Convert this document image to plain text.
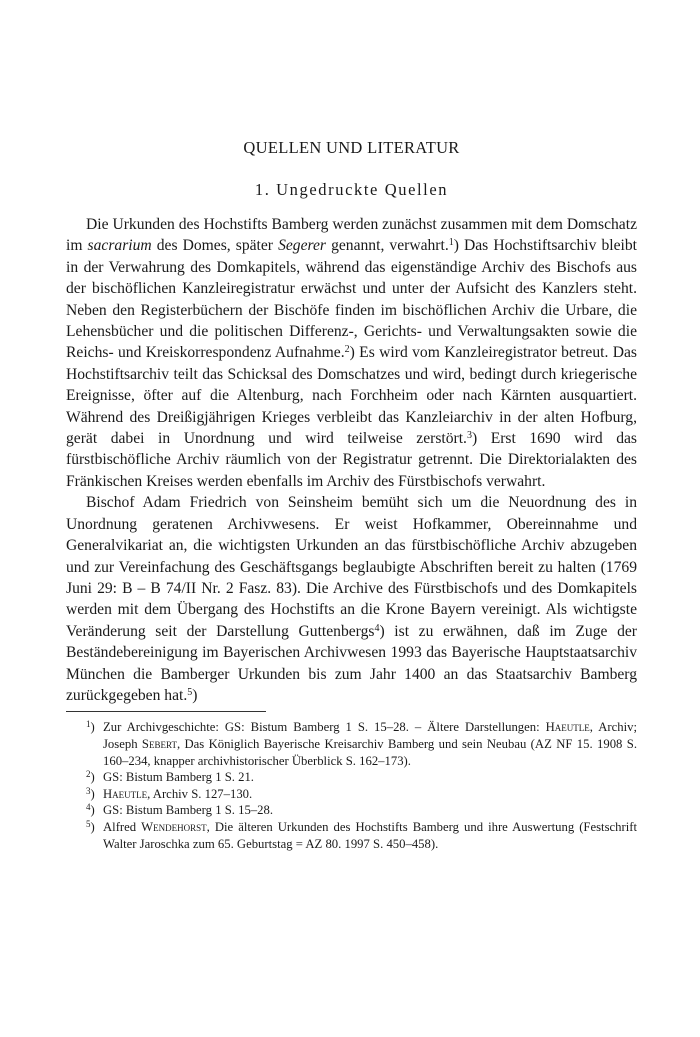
QUELLEN UND LITERATUR
1. Ungedruckte Quellen

Die Urkunden des Hochstifts Bamberg werden zunächst zusammen mit dem Domschatz im sacrarium des Domes, später Segerer genannt, verwahrt.$^1$) Das Hochstiftsarchiv bleibt in der Verwahrung des Domkapitels, während das eigenständige Archiv des Bischofs aus der bischöflichen Kanzleiregistratur erwächst und unter der Aufsicht des Kanzlers steht. Neben den Registerbüchern der Bischöfe finden im bischöflichen Archiv die Urbare, die Lehensbücher und die politischen Differenz-, Gerichts- und Verwaltungsakten sowie die Reichs- und Kreiskorrespondenz Aufnahme.$^2$) Es wird vom Kanzleiregistrator betreut. Das Hochstiftsarchiv teilt das Schicksal des Domschatzes und wird, bedingt durch kriegerische Ereignisse, öfter auf die Altenburg, nach Forchheim oder nach Kärnten ausquartiert. Während des Dreißigjährigen Krieges verbleibt das Kanzleiarchiv in der alten Hofburg, gerät dabei in Unordnung und wird teilweise zerstört.$^3$) Erst 1690 wird das fürstbischöfliche Archiv räumlich von der Registratur getrennt. Die Direktorialakten des Fränkischen Kreises werden ebenfalls im Archiv des Fürstbischofs verwahrt.

Bischof Adam Friedrich von Seinsheim bemüht sich um die Neuordnung des in Unordnung geratenen Archivwesens. Er weist Hofkammer, Obereinnahme und Generalvikariat an, die wichtigsten Urkunden an das fürstbischöfliche Archiv abzugeben und zur Vereinfachung des Geschäftsgangs beglaubigte Abschriften bereit zu halten (1769 Juni 29: B – B 74/II Nr. 2 Fasz. 83). Die Archive des Fürstbischofs und des Domkapitels werden mit dem Übergang des Hochstifts an die Krone Bayern vereinigt. Als wichtigste Veränderung seit der Darstellung Guttenbergs$^4$) ist zu erwähnen, daß im Zuge der Beständebereinigung im Bayerischen Archivwesen 1993 das Bayerische Hauptstaatsarchiv München die Bamberger Urkunden bis zum Jahr 1400 an das Staatsarchiv Bamberg zurückgegeben hat.$^5$)

$^1$) Zur Archivgeschichte: GS: Bistum Bamberg 1 S. 15–28. – Ältere Darstellungen: Haeutle, Archiv; Joseph Sebert, Das Königlich Bayerische Kreisarchiv Bamberg und sein Neubau (AZ NF 15. 1908 S. 160–234, knapper archivhistorischer Überblick S. 162–173).

$^2$) GS: Bistum Bamberg 1 S. 21.

$^3$) Haeutle, Archiv S. 127–130.

$^4$) GS: Bistum Bamberg 1 S. 15–28.

$^5$) Alfred Wendehorst, Die älteren Urkunden des Hochstifts Bamberg und ihre Auswertung (Festschrift Walter Jaroschka zum 65. Geburtstag = AZ 80. 1997 S. 450–458).
